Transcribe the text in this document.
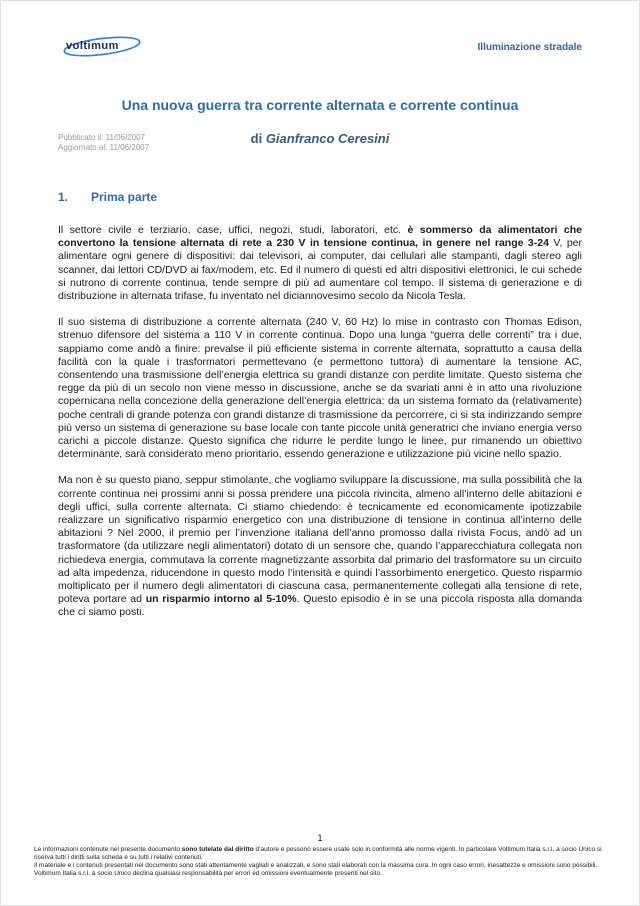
voltimum	Illuminazione stradale
Una nuova guerra tra corrente alternata e corrente continua
Pubblicato il: 11/06/2007
Aggiornato al: 11/06/2007
di Gianfranco Ceresini
1. Prima parte

Il settore civile e terziario, case, uffici, negozi, studi, laboratori, etc. è sommerso da alimentatori che convertono la tensione alternata di rete a 230 V in tensione continua, in genere nel range 3-24 V, per alimentare ogni genere di dispositivi: dai televisori, ai computer, dai cellulari alle stampanti, dagli stereo agli scanner, dai lettori CD/DVD ai fax/modem, etc. Ed il numero di questi ed altri dispositivi elettronici, le cui schede si nutrono di corrente continua, tende sempre di più ad aumentare col tempo. Il sistema di generazione e di distribuzione in alternata trifase, fu inventato nel diciannovesimo secolo da Nicola Tesla.

Il suo sistema di distribuzione a corrente alternata (240 V, 60 Hz) lo mise in contrasto con Thomas Edison, strenuo difensore del sistema a 110 V in corrente continua. Dopo una lunga “guerra delle correnti” tra i due, sappiamo come andò a finire: prevalse il più efficiente sistema in corrente alternata, soprattutto a causa della facilità con la quale i trasformatori permettevano (e permettono tuttora) di aumentare la tensione AC, consentendo una trasmissione dell’energia elettrica su grandi distanze con perdite limitate. Questo sistema che regge da più di un secolo non viene messo in discussione, anche se da svariati anni è in atto una rivoluzione copernicana nella concezione della generazione dell’energia elettrica: da un sistema formato da (relativamente) poche centrali di grande potenza con grandi distanze di trasmissione da percorrere, ci si sta indirizzando sempre più verso un sistema di generazione su base locale con tante piccole unità generatrici che inviano energia verso carichi a piccole distanze. Questo significa che ridurre le perdite lungo le linee, pur rimanendo un obiettivo determinante, sarà considerato meno prioritario, essendo generazione e utilizzazione più vicine nello spazio.

Ma non è su questo piano, seppur stimolante, che vogliamo sviluppare la discussione, ma sulla possibilità che la corrente continua nei prossimi anni si possa prendere una piccola rivincita, almeno all’interno delle abitazioni e degli uffici, sulla corrente alternata. Ci stiamo chiedendo: è tecnicamente ed economicamente ipotizzabile realizzare un significativo risparmio energetico con una distribuzione di tensione in continua all’interno delle abitazioni ? Nel 2000, il premio per l’invenzione italiana dell’anno promosso dalla rivista Focus, andò ad un trasformatore (da utilizzare negli alimentatori) dotato di un sensore che, quando l’apparecchiatura collegata non richiedeva energia, commutava la corrente magnetizzante assorbita dal primario del trasformatore su un circuito ad alta impedenza, riducendone in questo modo l’intensità e quindi l’assorbimento energetico. Questo risparmio moltiplicato per il numero degli alimentatori di ciascuna casa, permanentemente collegati alla tensione di rete, poteva portare ad un risparmio intorno al 5-10%. Questo episodio è in se una piccola risposta alla domanda che ci siamo posti.

1

Le informazioni contenute nel presente documento sono tutelate dal diritto d’autore e possono essere usate solo in conformità alle norme vigenti. In particolare Voltimum Italia s.r.l. a socio Unico si riserva tutti i diritti sulla scheda e su tutti i relativi contenuti.

Il materiale e i contenuti presentati nel documento sono stati attentamente vagliati e analizzati, e sono stati elaborati con la massima cura. In ogni caso errori, inesattezze e omissioni sono possibili. Voltimum Italia s.r.l. a socio Unico declina qualsiasi responsabilità per errori ed omissioni eventualmente presenti nel sito.
